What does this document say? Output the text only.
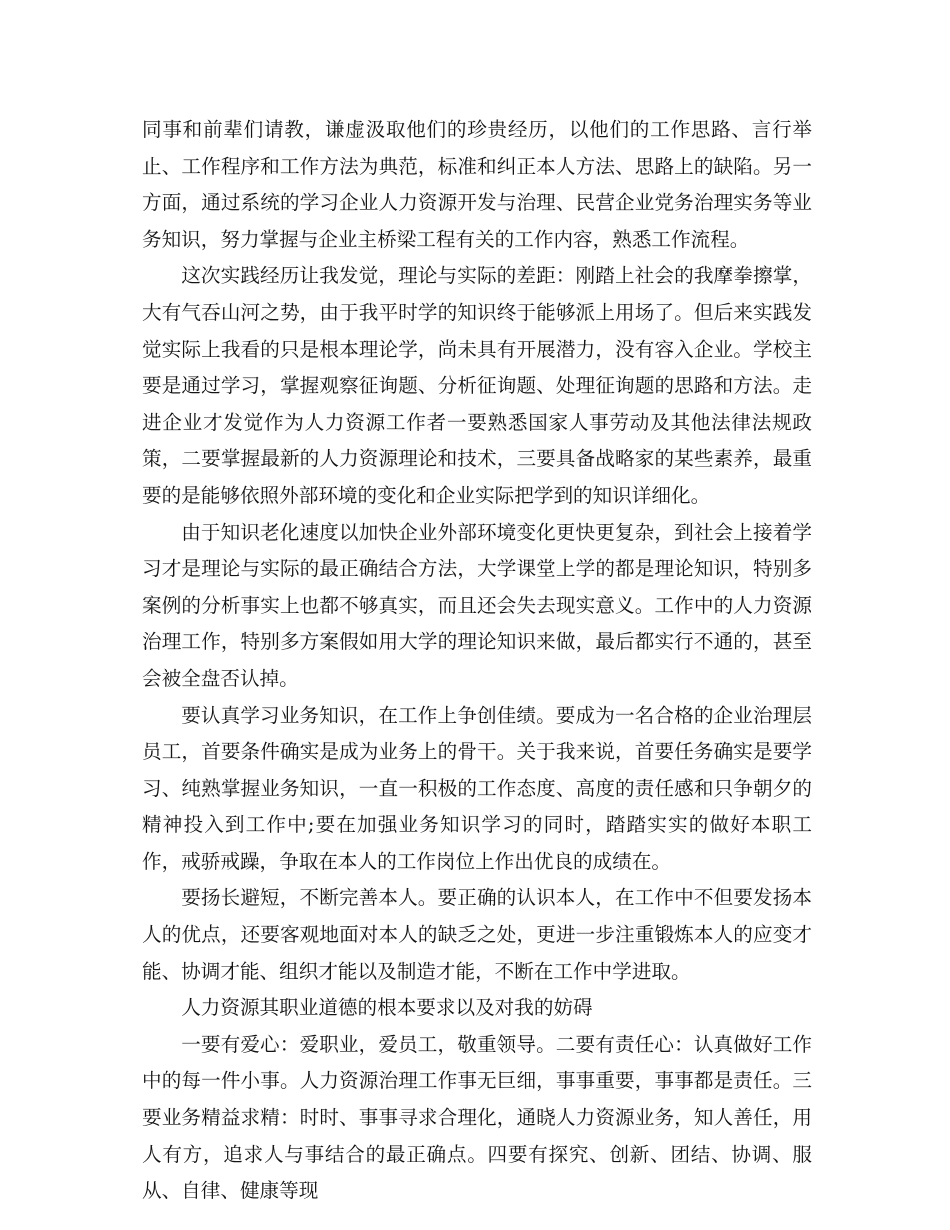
同事和前辈们请教，谦虚汲取他们的珍贵经历，以他们的工作思路、言行举止、工作程序和工作方法为典范，标准和纠正本人方法、思路上的缺陷。另一方面，通过系统的学习企业人力资源开发与治理、民营企业党务治理实务等业务知识，努力掌握与企业主桥梁工程有关的工作内容，熟悉工作流程。

这次实践经历让我发觉，理论与实际的差距：刚踏上社会的我摩拳擦掌，大有气吞山河之势，由于我平时学的知识终于能够派上用场了。但后来实践发觉实际上我看的只是根本理论学，尚未具有开展潜力，没有容入企业。学校主要是通过学习，掌握观察征询题、分析征询题、处理征询题的思路和方法。走进企业才发觉作为人力资源工作者一要熟悉国家人事劳动及其他法律法规政策，二要掌握最新的人力资源理论和技术，三要具备战略家的某些素养，最重要的是能够依照外部环境的变化和企业实际把学到的知识详细化。

由于知识老化速度以加快企业外部环境变化更快更复杂，到社会上接着学习才是理论与实际的最正确结合方法，大学课堂上学的都是理论知识，特别多案例的分析事实上也都不够真实，而且还会失去现实意义。工作中的人力资源治理工作，特别多方案假如用大学的理论知识来做，最后都实行不通的，甚至会被全盘否认掉。

要认真学习业务知识，在工作上争创佳绩。要成为一名合格的企业治理层员工，首要条件确实是成为业务上的骨干。关于我来说，首要任务确实是要学习、纯熟掌握业务知识，一直一积极的工作态度、高度的责任感和只争朝夕的精神投入到工作中;要在加强业务知识学习的同时，踏踏实实的做好本职工作，戒骄戒躁，争取在本人的工作岗位上作出优良的成绩在。

要扬长避短，不断完善本人。要正确的认识本人，在工作中不但要发扬本人的优点，还要客观地面对本人的缺乏之处，更进一步注重锻炼本人的应变才能、协调才能、组织才能以及制造才能，不断在工作中学进取。

人力资源其职业道德的根本要求以及对我的妨碍

一要有爱心：爱职业，爱员工，敬重领导。二要有责任心：认真做好工作中的每一件小事。人力资源治理工作事无巨细，事事重要，事事都是责任。三要业务精益求精：时时、事事寻求合理化，通晓人力资源业务，知人善任，用人有方，追求人与事结合的最正确点。四要有探究、创新、团结、协调、服从、自律、健康等现
